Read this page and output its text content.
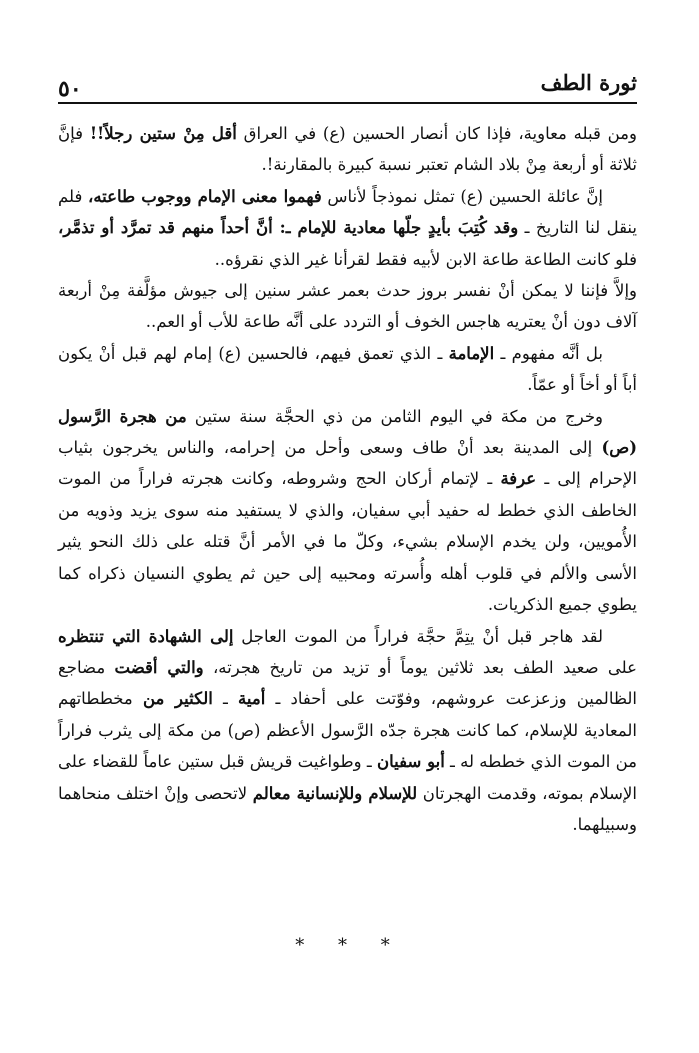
ثورة الطف
٥٠

ومن قبله معاوية، فإذا كان أنصار الحسين (ع) في العراق أقل مِنْ ستين رجلاً!! فإنَّ ثلاثة أو أربعة مِنْ بلاد الشام تعتبر نسبة كبيرة بالمقارنة!.

إنَّ عائلة الحسين (ع) تمثل نموذجاً لأناس فهموا معنى الإمام ووجوب طاعته، فلم ينقل لنا التاريخ ـ وقد كُتِبَ بأيدٍ جلّها معادية للإمام ـ: أنَّ أحداً منهم قد تمرَّد أو تذمَّر، فلو كانت الطاعة طاعة الابن لأبيه فقط لقرأنا غير الذي نقرؤه..

وإلاَّ فإننا لا يمكن أنْ نفسر بروز حدث بعمر عشر سنين إلى جيوش مؤلَّفة مِنْ أربعة آلاف دون أنْ يعتريه هاجس الخوف أو التردد على أنَّه طاعة للأب أو العم..

بل أنَّه مفهوم ـ الإمامة ـ الذي تعمق فيهم، فالحسين (ع) إمام لهم قبل أنْ يكون أباً أو أخاً أو عمّاً.

وخرج من مكة في اليوم الثامن من ذي الحجَّة سنة ستين من هجرة الرَّسول (ص) إلى المدينة بعد أنْ طاف وسعى وأحل من إحرامه، والناس يخرجون بثياب الإحرام إلى ـ عرفة ـ لإتمام أركان الحج وشروطه، وكانت هجرته فراراً من الموت الخاطف الذي خطط له حفيد أبي سفيان، والذي لا يستفيد منه سوى يزيد وذويه من الأُمويين، ولن يخدم الإسلام بشيء، وكلّ ما في الأمر أنَّ قتله على ذلك النحو يثير الأسى والألم في قلوب أهله وأُسرته ومحبيه إلى حين ثم يطوي النسيان ذكراه كما يطوي جميع الذكريات.

لقد هاجر قبل أنْ يتِمَّ حجَّة فراراً من الموت العاجل إلى الشهادة التي تنتظره على صعيد الطف بعد ثلاثين يوماً أو تزيد من تاريخ هجرته، والتي أقضت مضاجع الظالمين وزعزعت عروشهم، وفوّتت على أحفاد ـ أمية ـ الكثير من مخططاتهم المعادية للإسلام، كما كانت هجرة جدّه الرَّسول الأعظم (ص) من مكة إلى يثرب فراراً من الموت الذي خططه له ـ أبو سفيان ـ وطواغيت قريش قبل ستين عاماً للقضاء على الإسلام بموته، وقدمت الهجرتان للإسلام وللإنسانية معالم لاتحصى وإنْ اختلف منحاهما وسبيلهما.

* * *
